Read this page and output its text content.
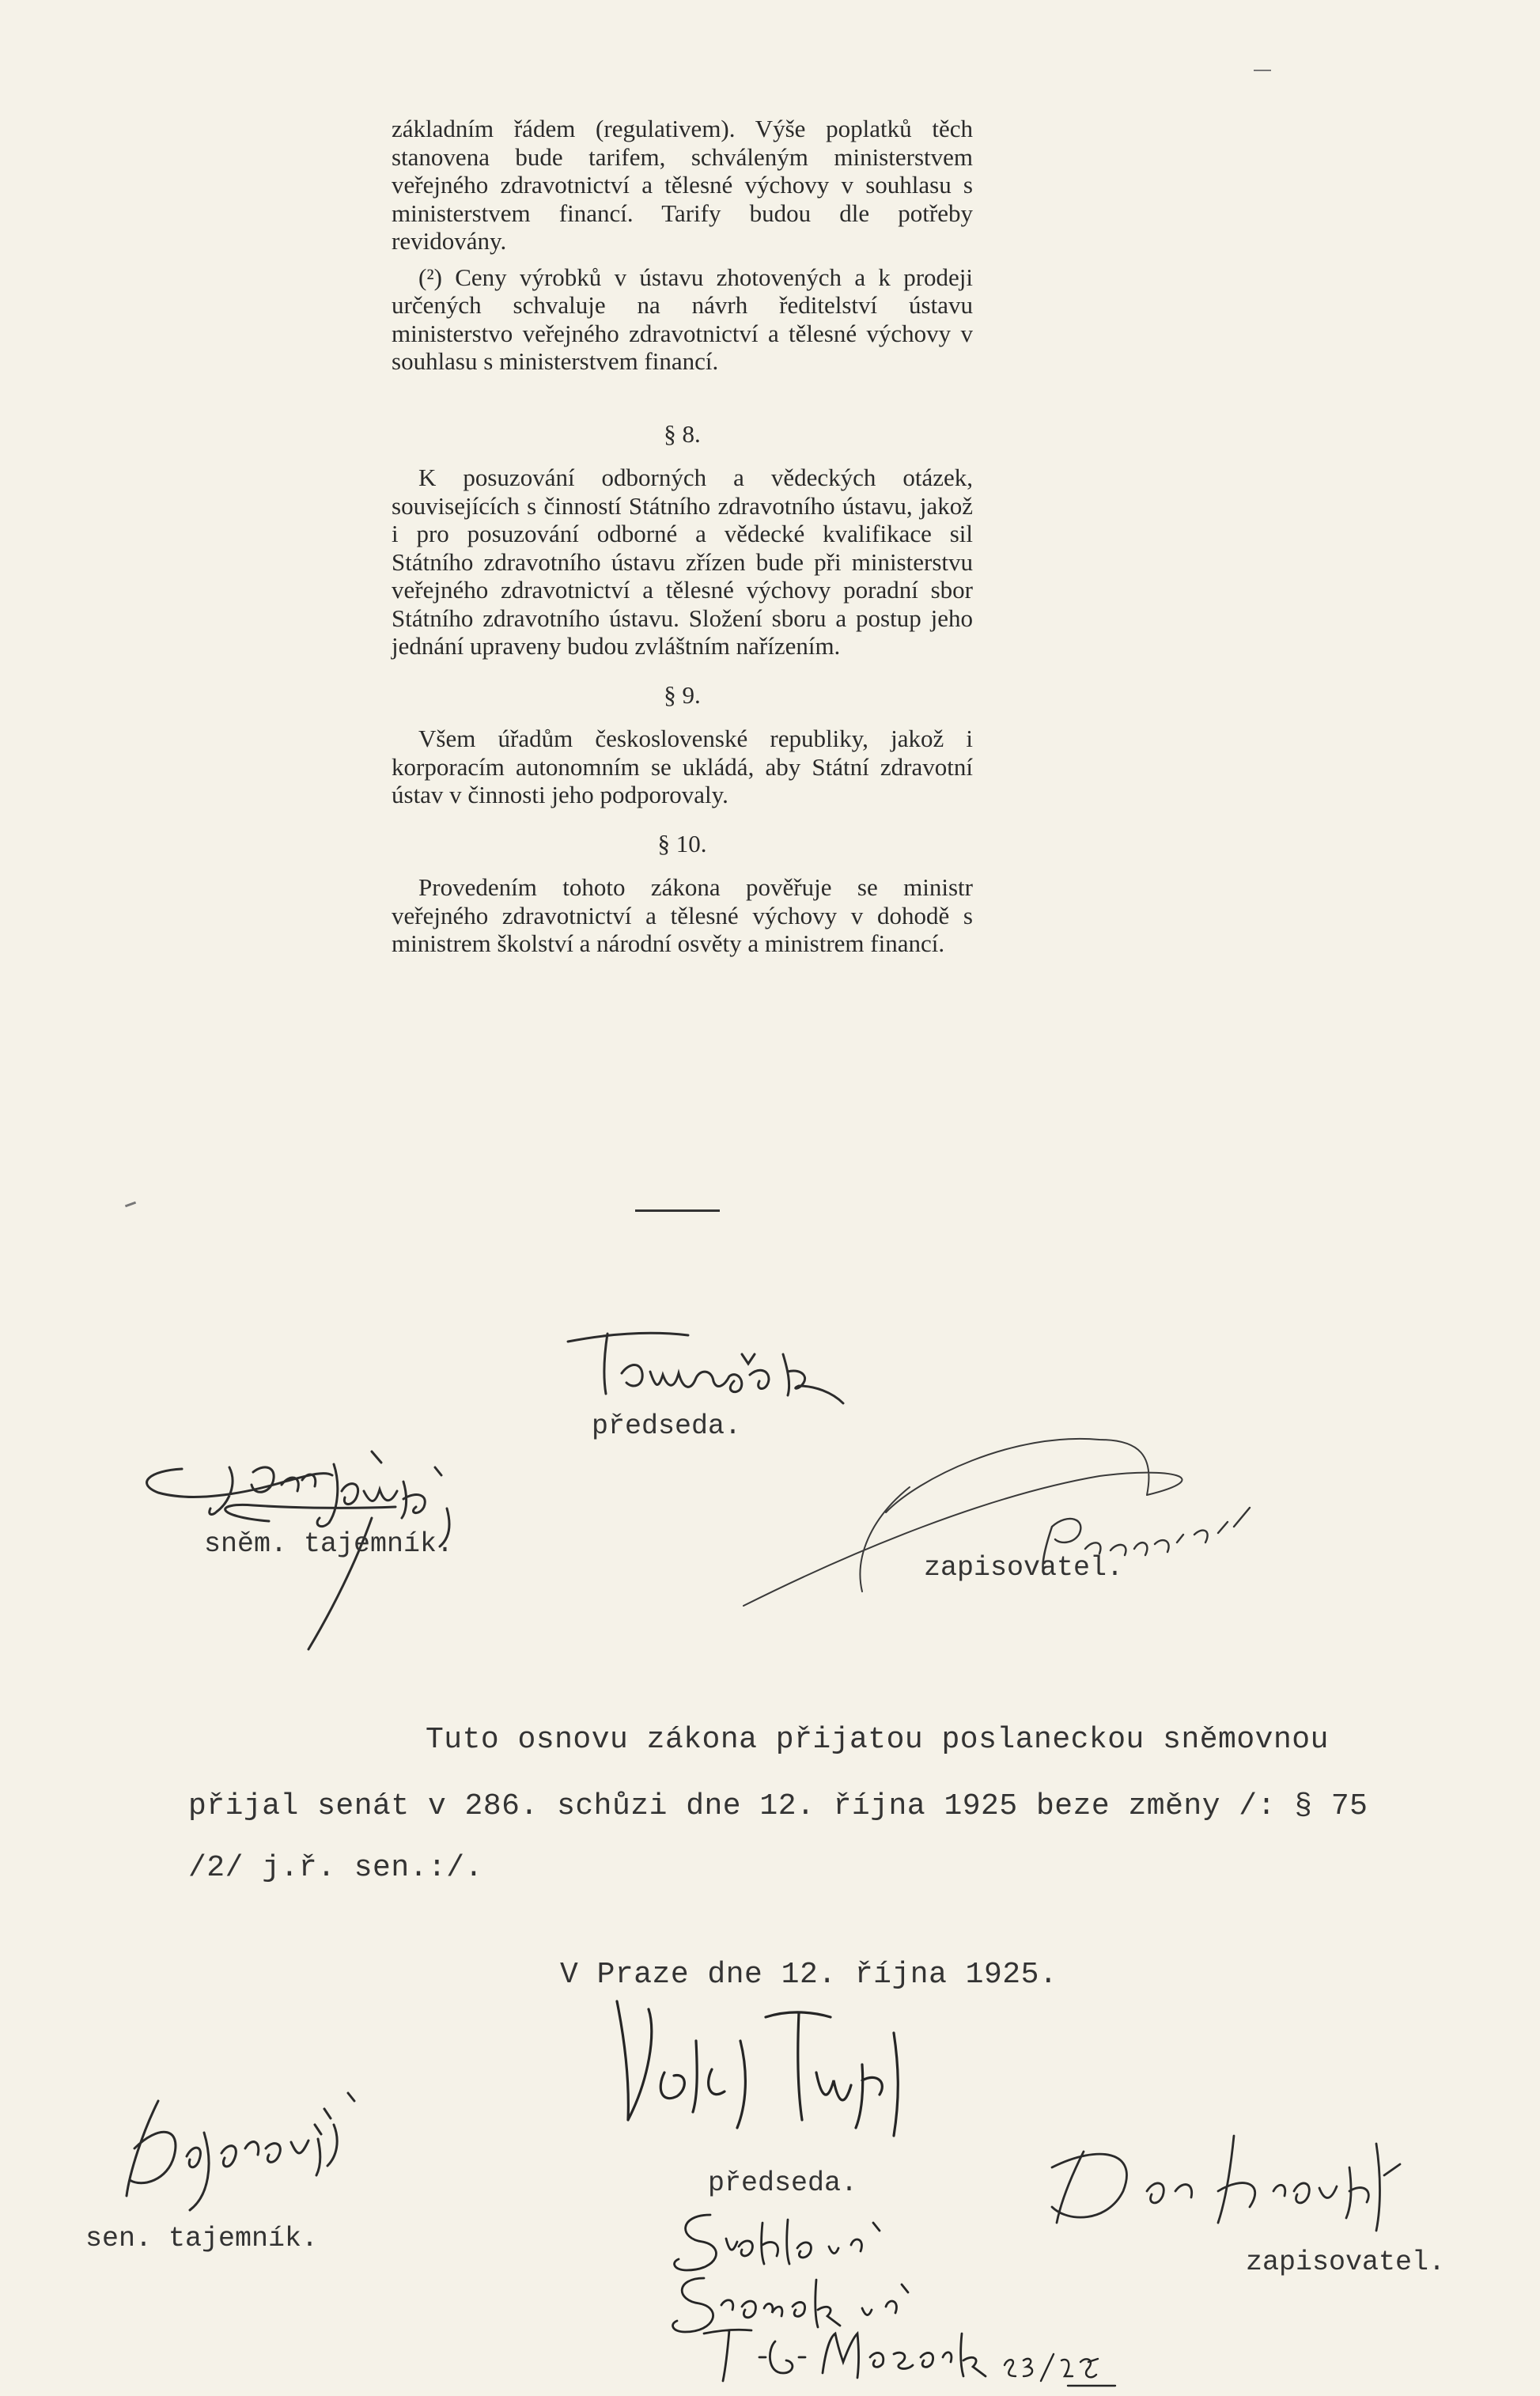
základním řádem (regulativem). Výše poplatků těch stanovena bude tarifem, schváleným ministerstvem veřejného zdravotnictví a tělesné výchovy v souhlasu s ministerstvem financí. Tarify budou dle potřeby revidovány.

(²) Ceny výrobků v ústavu zhotovených a k prodeji určených schvaluje na návrh ředitelství ústavu ministerstvo veřejného zdravotnictví a tělesné výchovy v souhlasu s ministerstvem financí.

§ 8.

K posuzování odborných a vědeckých otázek, souvisejících s činností Státního zdravotního ústavu, jakož i pro posuzování odborné a vědecké kvalifikace sil Státního zdravotního ústavu zřízen bude při ministerstvu veřejného zdravotnictví a tělesné výchovy poradní sbor Státního zdravotního ústavu. Složení sboru a postup jeho jednání upraveny budou zvláštním nařízením.

§ 9.

Všem úřadům československé republiky, jakož i korporacím autonomním se ukládá, aby Státní zdravotní ústav v činnosti jeho podporovaly.

§ 10.

Provedením tohoto zákona pověřuje se ministr veřejného zdravotnictví a tělesné výchovy v dohodě s ministrem školství a národní osvěty a ministrem financí.

předseda.
sněm. tajemník.
zapisovatel.
Tuto osnovu zákona přijatou poslaneckou sněmovnou
přijal senát v 286. schůzi dne 12. října 1925 beze změny /: § 75
/2/ j.ř. sen.:/.
V Praze dne 12. října 1925.
předseda.
sen. tajemník.
zapisovatel.
